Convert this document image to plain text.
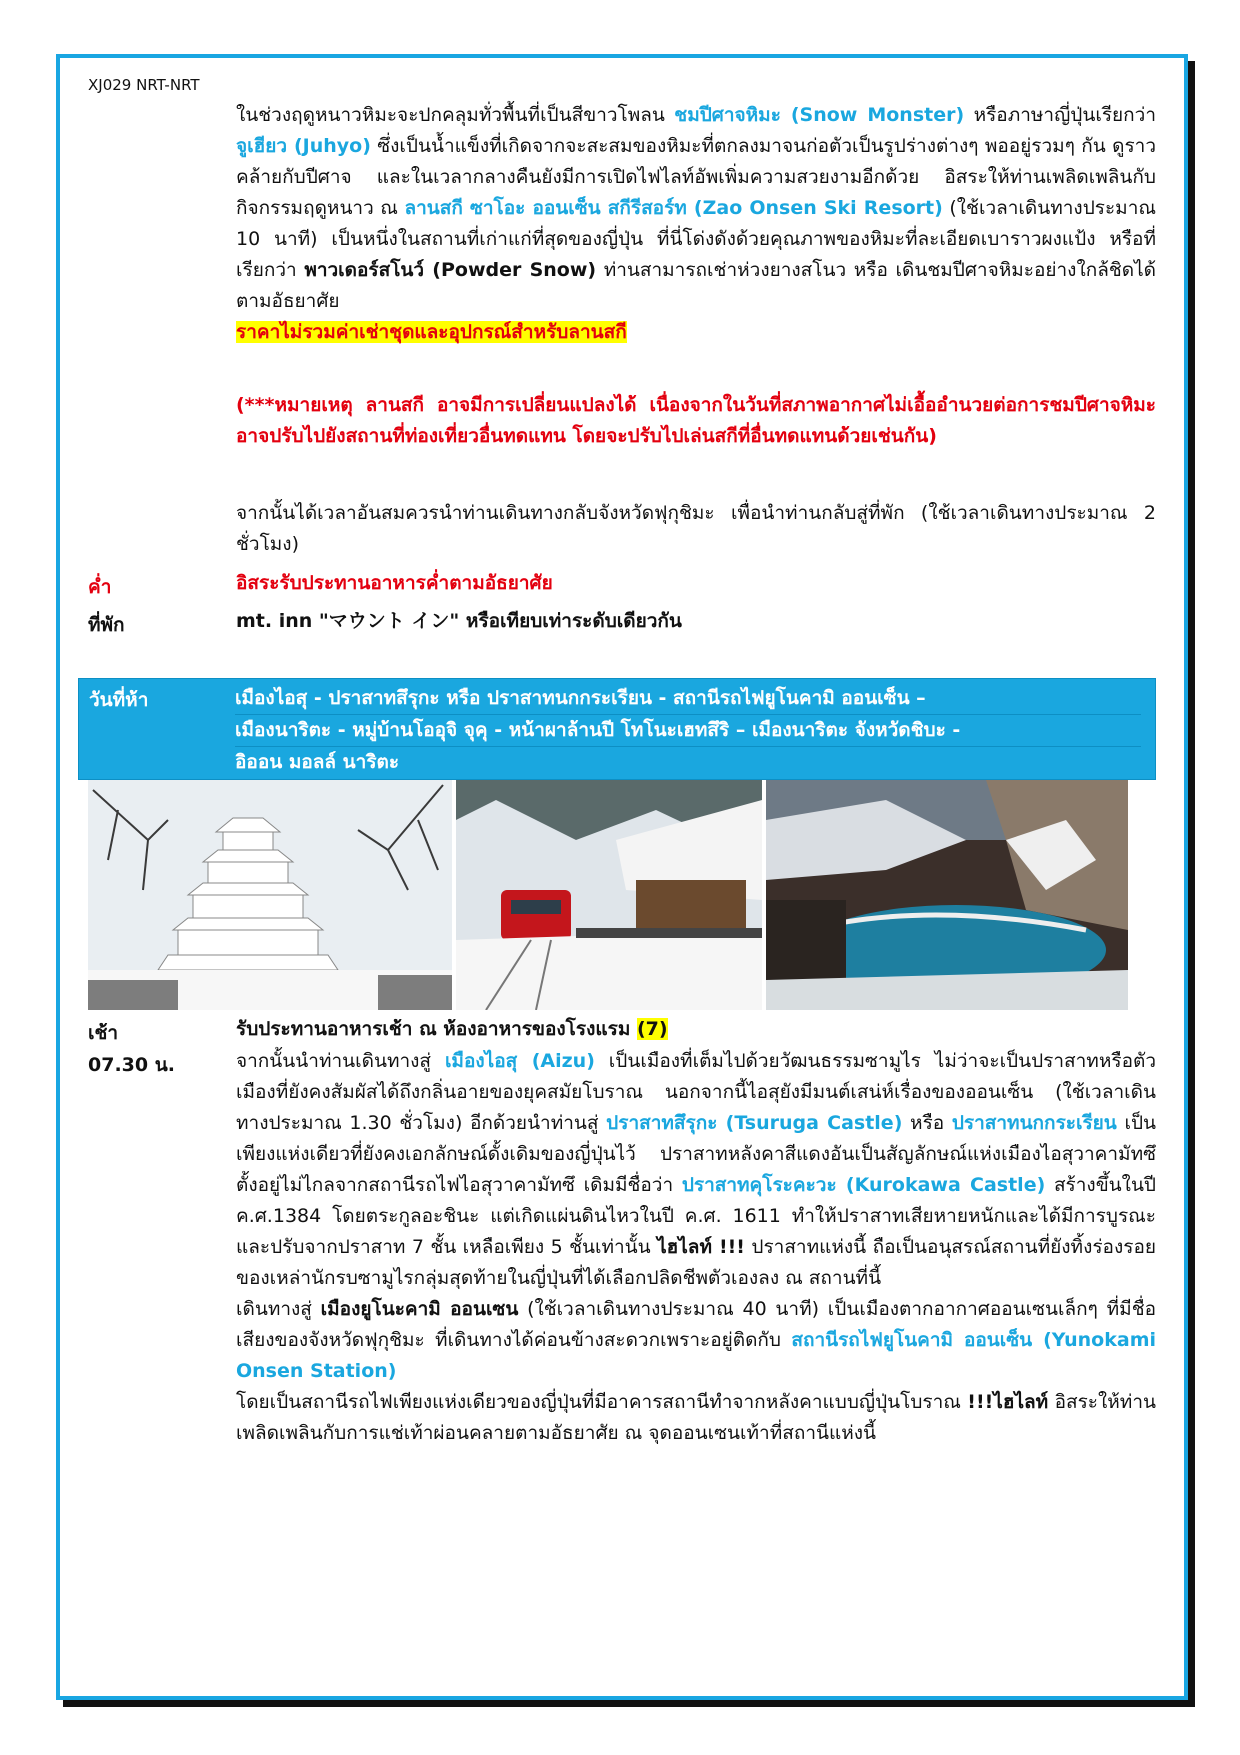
XJ029 NRT-NRT
ในช่วงฤดูหนาวหิมะจะปกคลุมทั่วพื้นที่เป็นสีขาวโพลน ชมปีศาจหิมะ (Snow Monster) หรือภาษาญี่ปุ่นเรียกว่า จูเฮียว (Juhyo) ซึ่งเป็นน้ำแข็งที่เกิดจากจะสะสมของหิมะที่ตกลงมาจนก่อตัวเป็นรูปร่างต่างๆ พออยู่รวมๆ กัน ดูราวคล้ายกับปีศาจ และในเวลากลางคืนยังมีการเปิดไฟไลท์อัพเพิ่มความสวยงามอีกด้วย อิสระให้ท่านเพลิดเพลินกับกิจกรรมฤดูหนาว ณ ลานสกี ซาโอะ ออนเซ็น สกีรีสอร์ท (Zao Onsen Ski Resort) (ใช้เวลาเดินทางประมาณ 10 นาที) เป็นหนึ่งในสถานที่เก่าแก่ที่สุดของญี่ปุ่น ที่นี่โด่งดังด้วยคุณภาพของหิมะที่ละเอียดเบาราวผงแป้ง หรือที่เรียกว่า พาวเดอร์สโนว์ (Powder Snow) ท่านสามารถเช่าห่วงยางสโนว หรือ เดินชมปีศาจหิมะอย่างใกล้ชิดได้ตามอัธยาศัย
ราคาไม่รวมค่าเช่าชุดและอุปกรณ์สำหรับลานสกี
(***หมายเหตุ ลานสกี อาจมีการเปลี่ยนแปลงได้ เนื่องจากในวันที่สภาพอากาศไม่เอื้ออำนวยต่อการชมปีศาจหิมะ อาจปรับไปยังสถานที่ท่องเที่ยวอื่นทดแทน โดยจะปรับไปเล่นสกีที่อื่นทดแทนด้วยเช่นกัน)
จากนั้นได้เวลาอันสมควรนำท่านเดินทางกลับจังหวัดฟุกุชิมะ เพื่อนำท่านกลับสู่ที่พัก (ใช้เวลาเดินทางประมาณ 2 ชั่วโมง)
ค่ำ	อิสระรับประทานอาหารค่ำตามอัธยาศัย
ที่พัก	mt. inn "マウント イン" หรือเทียบเท่าระดับเดียวกัน
วันที่ห้า	เมืองไอสุ - ปราสาทสึรุกะ หรือ ปราสาทนกกระเรียน - สถานีรถไฟยูโนคามิ ออนเซ็น –
เมืองนาริตะ - หมู่บ้านโออุจิ จุคุ - หน้าผาล้านปี โทโนะเฮทสึริ – เมืองนาริตะ จังหวัดชิบะ -
อิออน มอลล์ นาริตะ
เช้า	รับประทานอาหารเช้า ณ ห้องอาหารของโรงแรม (7)
07.30 น.	จากนั้นนำท่านเดินทางสู่ เมืองไอสุ (Aizu) เป็นเมืองที่เต็มไปด้วยวัฒนธรรมซามูไร ไม่ว่าจะเป็นปราสาทหรือตัวเมืองที่ยังคงสัมผัสได้ถึงกลิ่นอายของยุคสมัยโบราณ นอกจากนี้ไอสุยังมีมนต์เสน่ห์เรื่องของออนเซ็น (ใช้เวลาเดินทางประมาณ 1.30 ชั่วโมง) อีกด้วยนำท่านสู่ ปราสาทสึรุกะ (Tsuruga Castle) หรือ ปราสาทนกกระเรียน เป็นเพียงแห่งเดียวที่ยังคงเอกลักษณ์ดั้งเดิมของญี่ปุ่นไว้ ปราสาทหลังคาสีแดงอันเป็นสัญลักษณ์แห่งเมืองไอสุวาคามัทซึ ตั้งอยู่ไม่ไกลจากสถานีรถไฟไอสุวาคามัทซึ เดิมมีชื่อว่า ปราสาทคุโระคะวะ (Kurokawa Castle) สร้างขึ้นในปี ค.ศ.1384 โดยตระกูลอะชินะ แต่เกิดแผ่นดินไหวในปี ค.ศ. 1611 ทำให้ปราสาทเสียหายหนักและได้มีการบูรณะและปรับจากปราสาท 7 ชั้น เหลือเพียง 5 ชั้นเท่านั้น ไฮไลท์ !!! ปราสาทแห่งนี้ ถือเป็นอนุสรณ์สถานที่ยังทิ้งร่องรอยของเหล่านักรบซามูไรกลุ่มสุดท้ายในญี่ปุ่นที่ได้เลือกปลิดชีพตัวเองลง ณ สถานที่นี้
เดินทางสู่ เมืองยูโนะคามิ ออนเซน (ใช้เวลาเดินทางประมาณ 40 นาที) เป็นเมืองตากอากาศออนเซนเล็กๆ ที่มีชื่อเสียงของจังหวัดฟุกุชิมะ ที่เดินทางได้ค่อนข้างสะดวกเพราะอยู่ติดกับ สถานีรถไฟยูโนคามิ ออนเซ็น (Yunokami Onsen Station)
โดยเป็นสถานีรถไฟเพียงแห่งเดียวของญี่ปุ่นที่มีอาคารสถานีทำจากหลังคาแบบญี่ปุ่นโบราณ !!!ไฮไลท์ อิสระให้ท่านเพลิดเพลินกับการแช่เท้าผ่อนคลายตามอัธยาศัย ณ จุดออนเซนเท้าที่สถานีแห่งนี้
